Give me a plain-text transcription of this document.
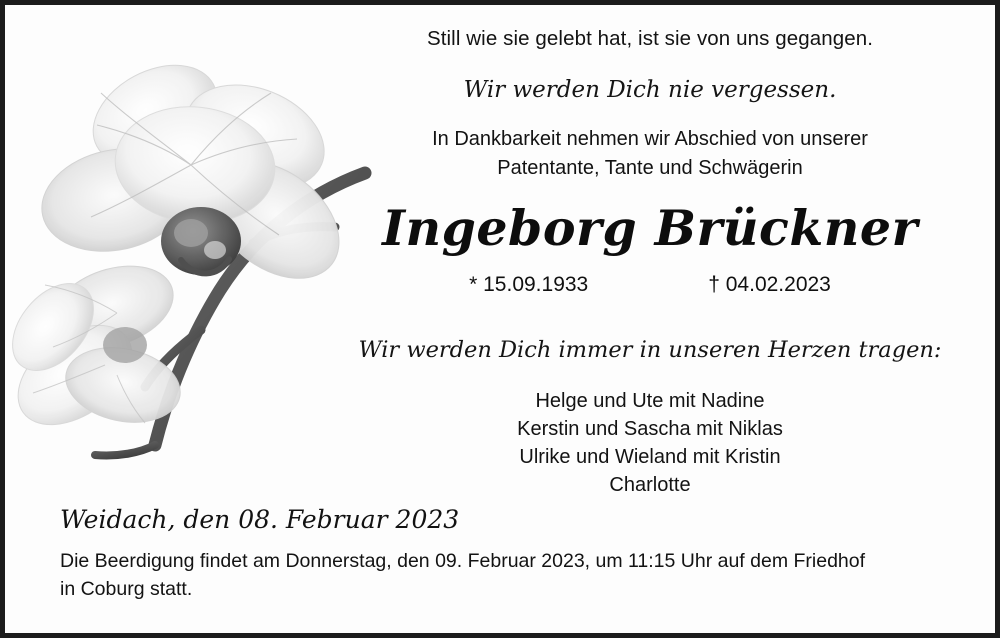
Still wie sie gelebt hat, ist sie von uns gegangen.
Wir werden Dich nie vergessen.
In Dankbarkeit nehmen wir Abschied von unserer
Patentante, Tante und Schwägerin
Ingeborg Brückner
* 15.09.1933	† 04.02.2023
Wir werden Dich immer in unseren Herzen tragen:
Helge und Ute mit Nadine
Kerstin und Sascha mit Niklas
Ulrike und Wieland mit Kristin
Charlotte
Weidach, den 08. Februar 2023
Die Beerdigung findet am Donnerstag, den 09. Februar 2023, um 11:15 Uhr auf dem Friedhof
in Coburg statt.
